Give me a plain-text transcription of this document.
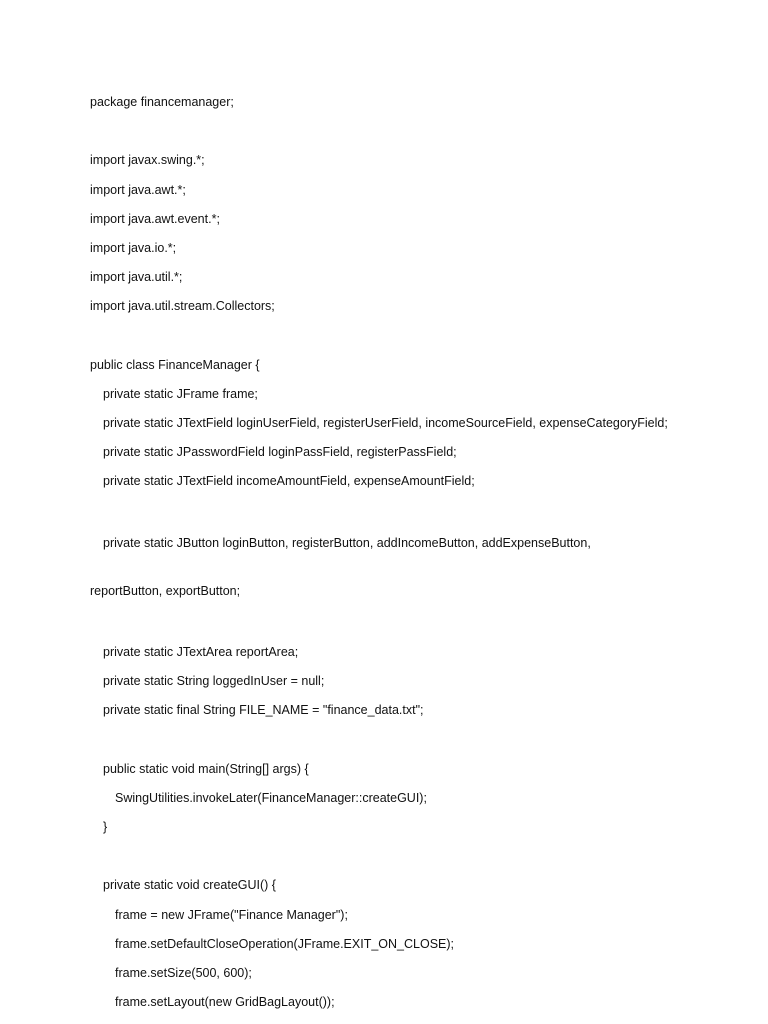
package financemanager;
import javax.swing.*;
import java.awt.*;
import java.awt.event.*;
import java.io.*;
import java.util.*;
import java.util.stream.Collectors;
public class FinanceManager {
private static JFrame frame;
private static JTextField loginUserField, registerUserField, incomeSourceField, expenseCategoryField;
private static JPasswordField loginPassField, registerPassField;
private static JTextField incomeAmountField, expenseAmountField;

private static JButton loginButton, registerButton, addIncomeButton, addExpenseButton,

reportButton, exportButton;

private static JTextArea reportArea;
private static String loggedInUser = null;
private static final String FILE_NAME = "finance_data.txt";
public static void main(String[] args) {
SwingUtilities.invokeLater(FinanceManager::createGUI);
}
private static void createGUI() {
frame = new JFrame("Finance Manager");
frame.setDefaultCloseOperation(JFrame.EXIT_ON_CLOSE);
frame.setSize(500, 600);
frame.setLayout(new GridBagLayout());
